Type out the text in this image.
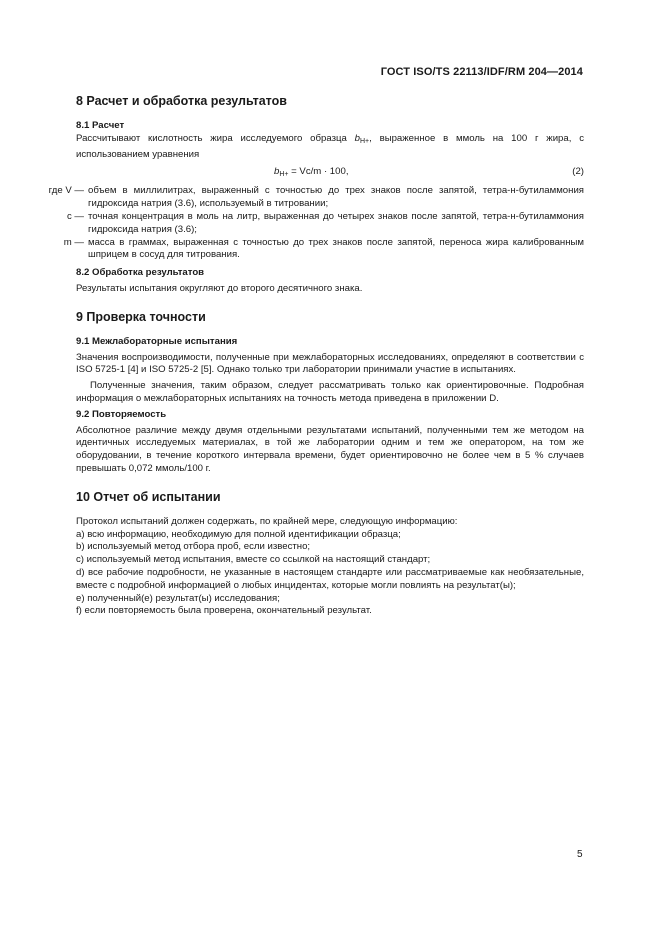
ГОСТ ISO/TS 22113/IDF/RM 204—2014
8 Расчет и обработка результатов
8.1 Расчет

Рассчитывают кислотность жира исследуемого образца $b_{H+}$, выраженное в ммоль на 100 г жира, с использованием уравнения

$b_{H+} = Vc/m \cdot 100$,	(2)
где V — объем в миллилитрах, выраженный с точностью до трех знаков после запятой, тетра-н-бутиламмония гидроксида натрия (3.6), используемый в титровании;
c — точная концентрация в моль на литр, выраженная до четырех знаков после запятой, тетра-н-бутиламмония гидроксида натрия (3.6);
m — масса в граммах, выраженная с точностью до трех знаков после запятой, переноса жира калиброванным шприцем в сосуд для титрования.
8.2 Обработка результатов

Результаты испытания округляют до второго десятичного знака.

9 Проверка точности
9.1 Межлабораторные испытания

Значения воспроизводимости, полученные при межлабораторных исследованиях, определяют в соответствии с ISO 5725-1 [4] и ISO 5725-2 [5]. Однако только три лаборатории принимали участие в испытаниях.

Полученные значения, таким образом, следует рассматривать только как ориентировочные. Подробная информация о межлабораторных испытаниях на точность метода приведена в приложении D.

9.2 Повторяемость

Абсолютное различие между двумя отдельными результатами испытаний, полученными тем же методом на идентичных исследуемых материалах, в той же лаборатории одним и тем же оператором, на том же оборудовании, в течение короткого интервала времени, будет ориентировочно не более чем в 5 % случаев превышать 0,072 ммоль/100 г.

10 Отчет об испытании

Протокол испытаний должен содержать, по крайней мере, следующую информацию:

a) всю информацию, необходимую для полной идентификации образца;

b) используемый метод отбора проб, если известно;

c) используемый метод испытания, вместе со ссылкой на настоящий стандарт;

d) все рабочие подробности, не указанные в настоящем стандарте или рассматриваемые как необязательные, вместе с подробной информацией о любых инцидентах, которые могли повлиять на результат(ы);

e) полученный(е) результат(ы) исследования;

f) если повторяемость была проверена, окончательный результат.

5
